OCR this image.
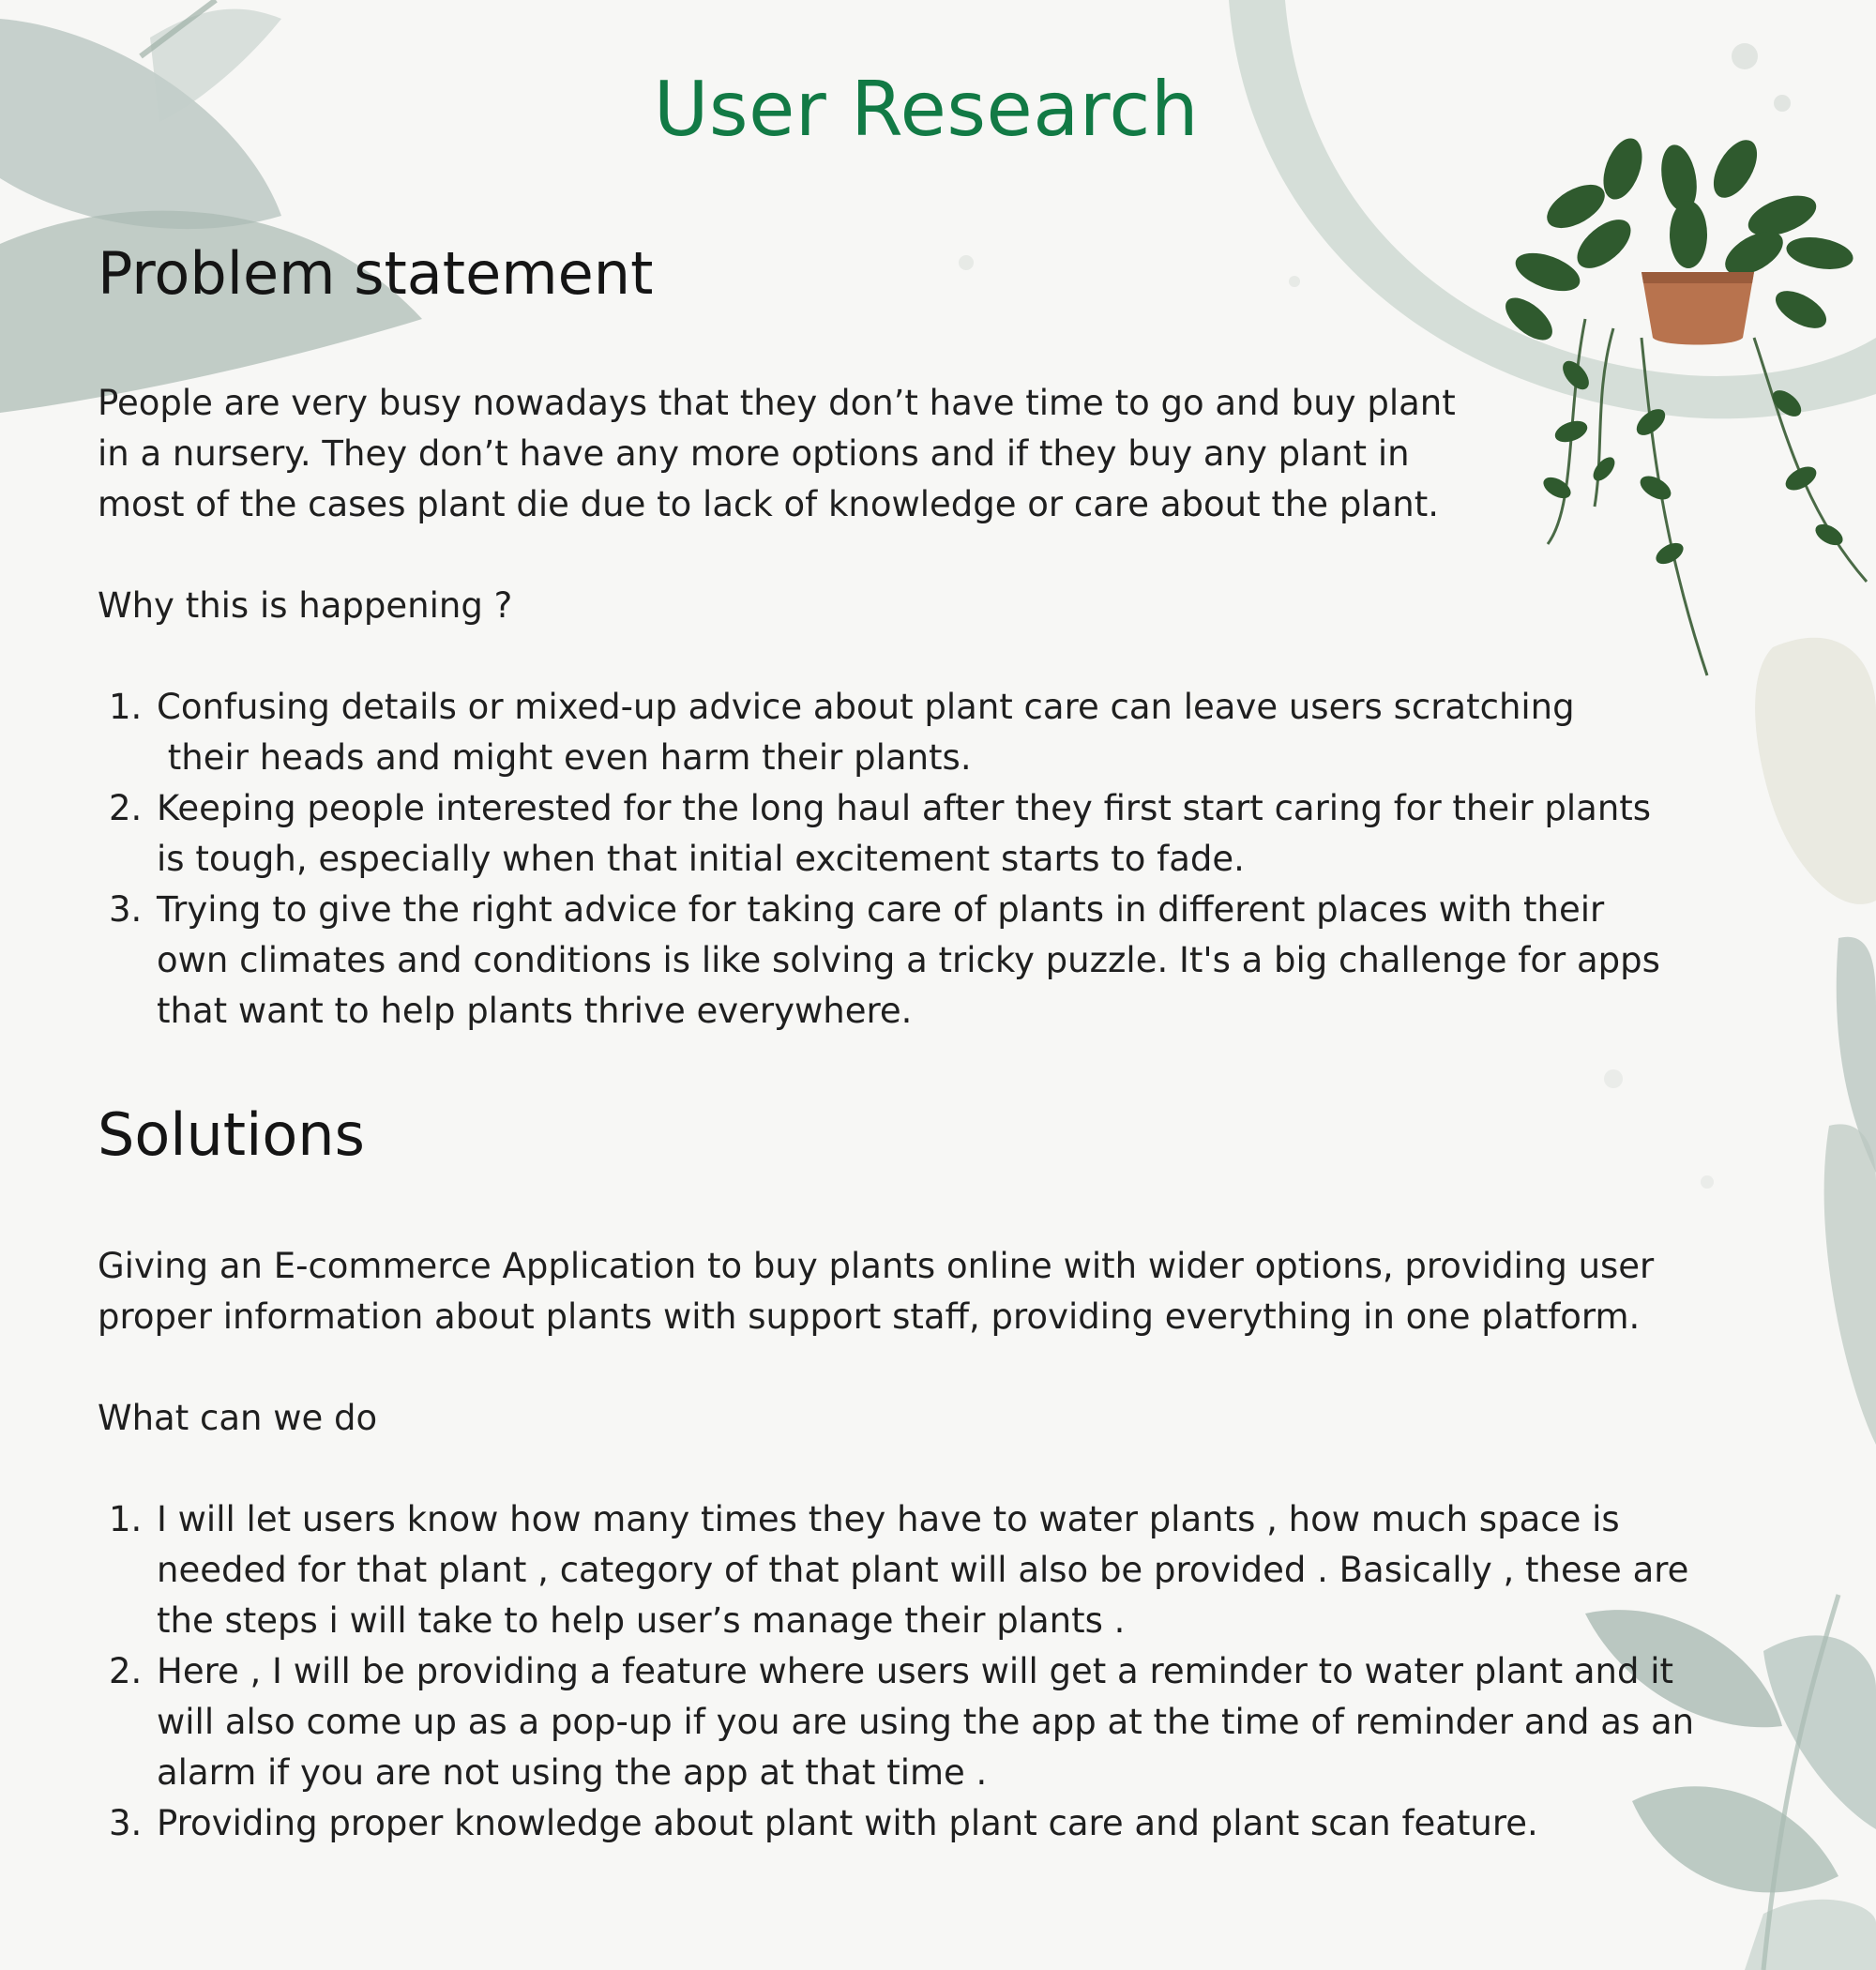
User Research
Problem statement

People are very busy nowadays that they don’t have time to go and buy plant
in a nursery. They don’t have any more options and if they buy any plant in
most of the cases plant die due to lack of knowledge or care about the plant.

Why this is happening ?

1. Confusing details or mixed-up advice about plant care can leave users scratching
their heads and might even harm their plants.
2. Keeping people interested for the long haul after they first start caring for their plants
is tough, especially when that initial excitement starts to fade.
3. Trying to give the right advice for taking care of plants in different places with their
own climates and conditions is like solving a tricky puzzle. It's a big challenge for apps
that want to help plants thrive everywhere.
Solutions

Giving an E-commerce Application to buy plants online with wider options, providing user
proper information about plants with support staff, providing everything in one platform.

What can we do

1. I will let users know how many times they have to water plants , how much space is
needed for that plant , category of that plant will also be provided . Basically , these are
the steps i will take to help user’s manage their plants .
2. Here , I will be providing a feature where users will get a reminder to water plant and it
will also come up as a pop-up if you are using the app at the time of reminder and as an
alarm if you are not using the app at that time .
3. Providing proper knowledge about plant with plant care and plant scan feature.
